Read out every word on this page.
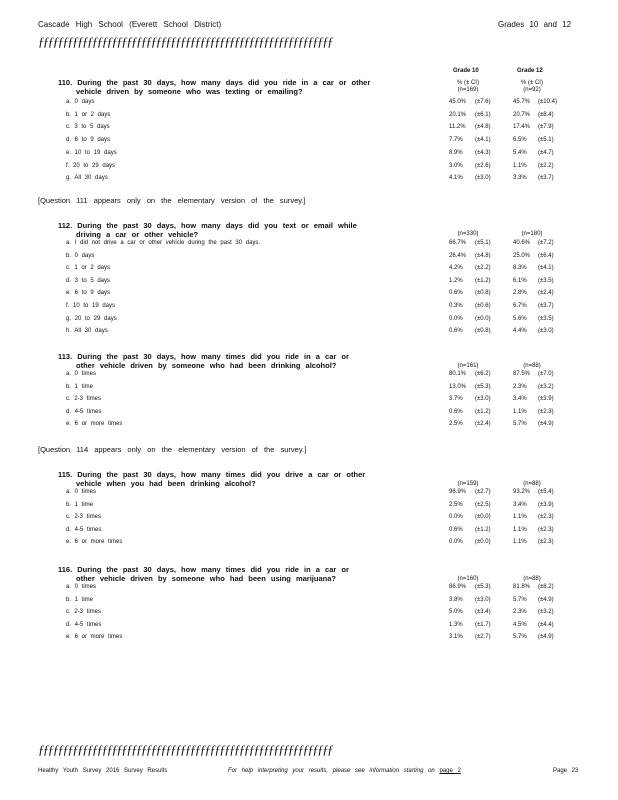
Cascade High School (Everett School District)	Grades 10 and 12
ƒƒƒƒƒƒƒƒƒƒƒƒƒƒƒƒƒƒƒƒƒƒƒƒƒƒƒƒƒƒƒƒƒƒƒƒƒƒƒƒƒƒƒƒƒƒƒƒƒƒƒƒƒƒƒƒƒƒƒƒ
Grade 10	Grade 12
% (± CI)	% (± CI)
(n=169)	(n=92)
110. During the past 30 days, how many days did you ride in a car or other
vehicle driven by someone who was texting or emailing?
a. 0 days	45.0% (±7.6)	45.7% (±10.4)
b. 1 or 2 days	20.1% (±6.1)	20.7% (±8.4)
c. 3 to 5 days	11.2% (±4.8)	17.4% (±7.9)
d. 6 to 9 days	7.7% (±4.1)	6.5% (±5.1)
e. 10 to 19 days	8.9% (±4.3)	5.4% (±4.7)
f. 20 to 29 days	3.0% (±2.6)	1.1% (±2.2)
g. All 30 days	4.1% (±3.0)	3.3% (±3.7)
[Question 111 appears only on the elementary version of the survey.]
112. During the past 30 days, how many days did you text or email while
driving a car or other vehicle?	(n=330)	(n=180)
a. I did not drive a car or other vehicle during the past 30 days.	66.7% (±5.1)	40.6% (±7.2)
b. 0 days	26.4% (±4.8)	25.0% (±6.4)
c. 1 or 2 days	4.2% (±2.2)	8.3% (±4.1)
d. 3 to 5 days	1.2% (±1.2)	6.1% (±3.5)
e. 6 to 9 days	0.6% (±0.8)	2.8% (±2.4)
f. 10 to 19 days	0.3% (±0.6)	6.7% (±3.7)
g. 20 to 29 days	0.0% (±0.0)	5.6% (±3.5)
h. All 30 days	0.6% (±0.8)	4.4% (±3.0)
113. During the past 30 days, how many times did you ride in a car or
other vehicle driven by someone who had been drinking alcohol?	(n=161)	(n=88)
a. 0 times	80.1% (±6.2)	87.5% (±7.0)
b. 1 time	13.0% (±5.3)	2.3% (±3.2)
c. 2-3 times	3.7% (±3.0)	3.4% (±3.9)
d. 4-5 times	0.6% (±1.2)	1.1% (±2.3)
e. 6 or more times	2.5% (±2.4)	5.7% (±4.9)
[Question 114 appears only on the elementary version of the survey.]
115. During the past 30 days, how many times did you drive a car or other
vehicle when you had been drinking alcohol?	(n=159)	(n=88)
a. 0 times	96.9% (±2.7)	93.2% (±5.4)
b. 1 time	2.5% (±2.5)	3.4% (±3.9)
c. 2-3 times	0.0% (±0.0)	1.1% (±2.3)
d. 4-5 times	0.6% (±1.2)	1.1% (±2.3)
e. 6 or more times	0.0% (±0.0)	1.1% (±2.3)
116. During the past 30 days, how many times did you ride in a car or
other vehicle driven by someone who had been using marijuana?	(n=160)	(n=88)
a. 0 times	86.9% (±5.3)	81.8% (±8.2)
b. 1 time	3.8% (±3.0)	5.7% (±4.9)
c. 2-3 times	5.0% (±3.4)	2.3% (±3.2)
d. 4-5 times	1.3% (±1.7)	4.5% (±4.4)
e. 6 or more times	3.1% (±2.7)	5.7% (±4.9)
ƒƒƒƒƒƒƒƒƒƒƒƒƒƒƒƒƒƒƒƒƒƒƒƒƒƒƒƒƒƒƒƒƒƒƒƒƒƒƒƒƒƒƒƒƒƒƒƒƒƒƒƒƒƒƒƒƒƒƒƒ
Healthy Youth Survey 2016 Survey Results	For help interpreting your results, please see information starting on page 2	Page 23
